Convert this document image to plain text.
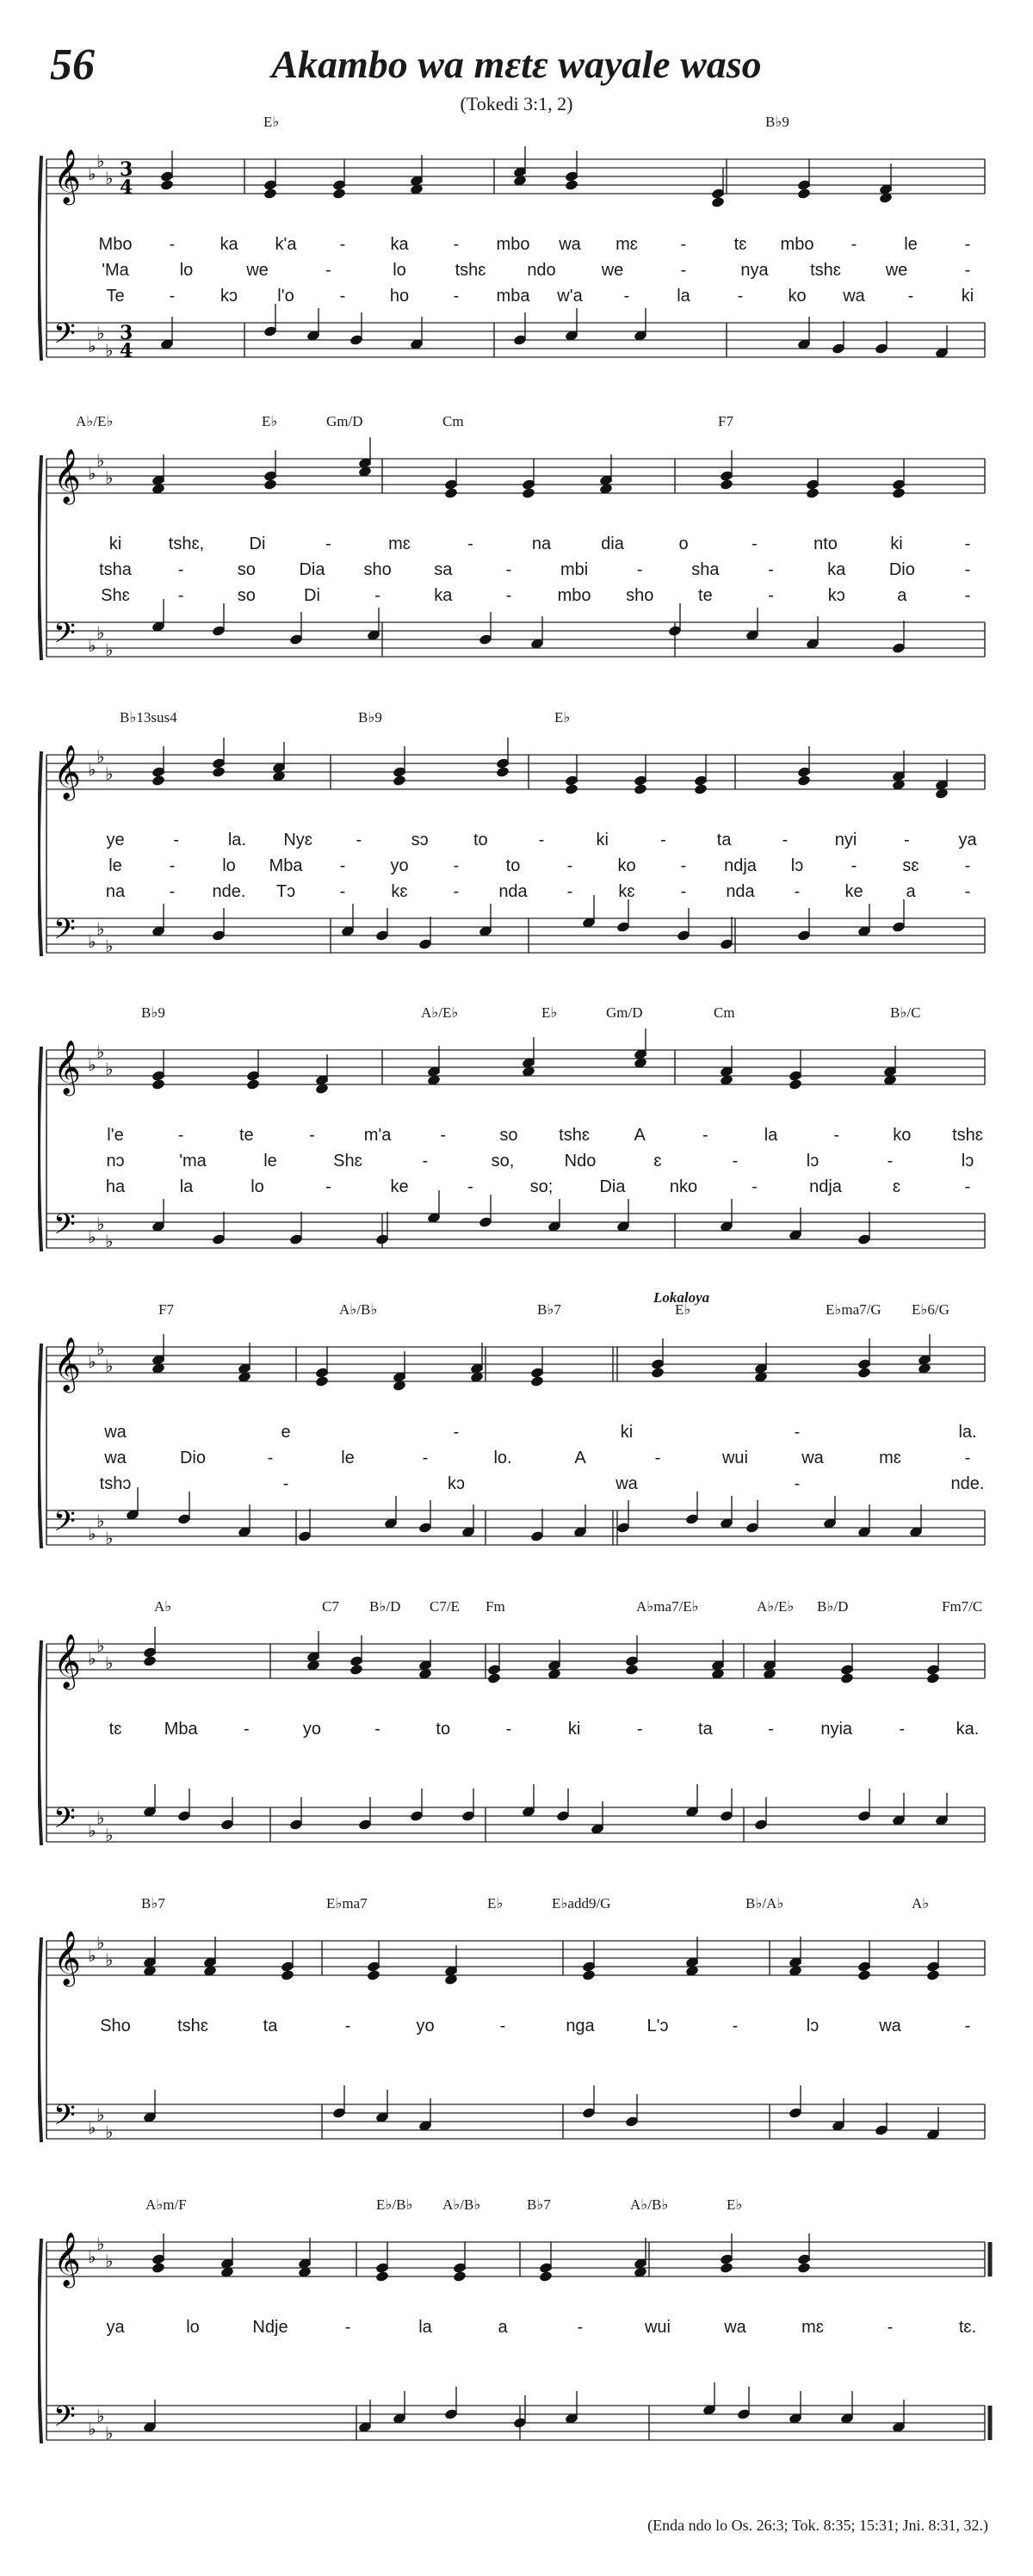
56	Akambo wa mɛtɛ wayale waso
(Tokedi 3:1, 2)
𝄞
𝄢
♭
♭
♭
♭
♭
♭
3
4
3
4
E♭	B♭9
Mbo -	ka k'a	-	ka	- mbo wa mɛ -	tɛ mbo -	le	-
'Ma	lo	we	-	lo	tshɛ ndo	we	-	nya tshɛ	we	-
Te	-	kɔ l'o	-	ho	- mba w'a -	la	-	ko wa -	ki
𝄞
𝄢
♭
♭
♭
♭
♭
♭
A♭/E♭	E♭	Gm/D	Cm	F7
ki	tshɛ,	Di	-	mɛ	-	na	dia	o	-	nto	ki	-
tsha	-	so	Dia sho sa	-	mbi	-	sha	-	ka	Dio	-
Shɛ	-	so	Di	-	ka	-	mbo sho	te	-	kɔ	a	-
𝄞
𝄢
♭
♭
♭
♭
♭
♭
B♭13sus4	B♭9	E♭
ye	-	la. Nyɛ	-	sɔ	to	-	ki	-	ta	-	nyi	-	ya
le	-	lo Mba -	yo	-	to	-	ko	- ndja lɔ	-	sɛ	-
na	- nde. Tɔ	-	kɛ	- nda -	kɛ	- nda -	ke a	-
𝄞
𝄢
♭
♭
♭
♭
♭
♭
B♭9	A♭/E♭	E♭	Gm/D	Cm	B♭/C
l'e	-	te	-	m'a	-	so tshɛ	A	-	la	-	ko tshɛ
nɔ	'ma	le	Shɛ	-	so,	Ndo	ɛ	-	lɔ	-	lɔ
ha	la	lo	-	ke	-	so;	Dia	nko	-	ndja	ɛ	-
𝄞
𝄢
♭
♭
♭
♭
♭
♭
F7	A♭/B♭	B♭7	E♭	E♭ma7/G E♭6/G
Lokaloya
wa	e	-	ki	-	la.
wa	Dio	-	le	-	lo.	A	-	wui	wa	mɛ	-
tshɔ	-	kɔ	wa	-	nde.
𝄞
𝄢
♭
♭
♭
♭
♭
♭
A♭	C7 B♭/D C7/E Fm	A♭ma7/E♭	A♭/E♭ B♭/D	Fm7/C
tɛ Mba	-	yo	-	to	-	ki	-	ta	-	nyia	-	ka.
𝄞
𝄢
♭
♭
♭
♭
♭
♭
B♭7	E♭ma7	E♭	E♭add9/G	B♭/A♭	A♭
Sho	tshɛ	ta	-	yo	-	nga	L'ɔ	-	lɔ	wa	-
𝄞
𝄢
♭
♭
♭
♭
♭
♭
A♭m/F	E♭/B♭ A♭/B♭	B♭7	A♭/B♭	E♭
ya	lo	Ndje	-	la	a	-	wui	wa	mɛ	-	tɛ.
(Enda ndo lo Os. 26:3; Tok. 8:35; 15:31; Jni. 8:31, 32.)
